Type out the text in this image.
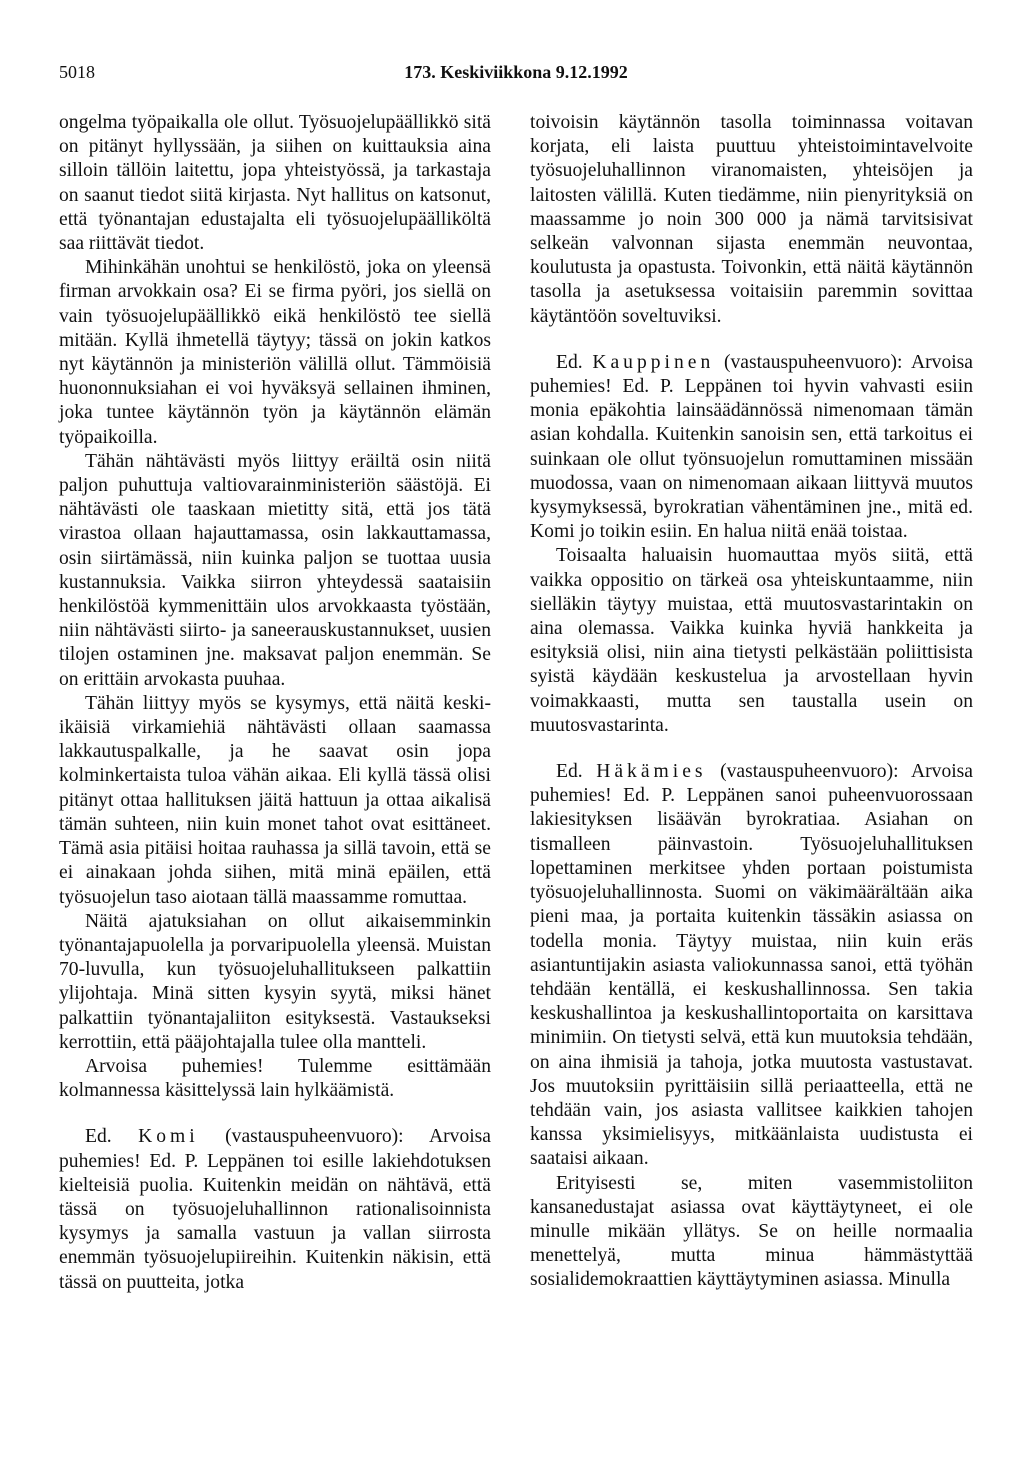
5018	173. Keskiviikkona 9.12.1992

ongelma työpaikalla ole ollut. Työsuojelupäällikkö sitä on pitänyt hyllyssään, ja siihen on kuittauksia aina silloin tällöin laitettu, jopa yhteistyössä, ja tarkastaja on saanut tiedot siitä kirjasta. Nyt hallitus on katsonut, että työnantajan edustajalta eli työsuojelupäälliköltä saa riittävät tiedot.

Mihinkähän unohtui se henkilöstö, joka on yleensä firman arvokkain osa? Ei se firma pyöri, jos siellä on vain työsuojelupäällikkö eikä henkilöstö tee siellä mitään. Kyllä ihmetellä täytyy; tässä on jokin katkos nyt käytännön ja ministeriön välillä ollut. Tämmöisiä huononnuksiahan ei voi hyväksyä sellainen ihminen, joka tuntee käytännön työn ja käytännön elämän työpaikoilla.

Tähän nähtävästi myös liittyy eräiltä osin niitä paljon puhuttuja valtiovarainministeriön säästöjä. Ei nähtävästi ole taaskaan mietitty sitä, että jos tätä virastoa ollaan hajauttamassa, osin lakkauttamassa, osin siirtämässä, niin kuinka paljon se tuottaa uusia kustannuksia. Vaikka siirron yhteydessä saataisiin henkilöstöä kymmenittäin ulos arvokkaasta työstään, niin nähtävästi siirto- ja saneerauskustannukset, uusien tilojen ostaminen jne. maksavat paljon enemmän. Se on erittäin arvokasta puuhaa.

Tähän liittyy myös se kysymys, että näitä keski-ikäisiä virkamiehiä nähtävästi ollaan saamassa lakkautuspalkalle, ja he saavat osin jopa kolminkertaista tuloa vähän aikaa. Eli kyllä tässä olisi pitänyt ottaa hallituksen jäitä hattuun ja ottaa aikalisä tämän suhteen, niin kuin monet tahot ovat esittäneet. Tämä asia pitäisi hoitaa rauhassa ja sillä tavoin, että se ei ainakaan johda siihen, mitä minä epäilen, että työsuojelun taso aiotaan tällä maassamme romuttaa.

Näitä ajatuksiahan on ollut aikaisemminkin työnantajapuolella ja porvaripuolella yleensä. Muistan 70-luvulla, kun työsuojeluhallitukseen palkattiin ylijohtaja. Minä sitten kysyin syytä, miksi hänet palkattiin työnantajaliiton esityksestä. Vastaukseksi kerrottiin, että pääjohtajalla tulee olla mantteli.

Arvoisa puhemies! Tulemme esittämään kolmannessa käsittelyssä lain hylkäämistä.

Ed. Komi (vastauspuheenvuoro): Arvoisa puhemies! Ed. P. Leppänen toi esille lakiehdotuksen kielteisiä puolia. Kuitenkin meidän on nähtävä, että tässä on työsuojeluhallinnon rationalisoinnista kysymys ja samalla vastuun ja vallan siirrosta enemmän työsuojelupiireihin. Kuitenkin näkisin, että tässä on puutteita, jotka

toivoisin käytännön tasolla toiminnassa voitavan korjata, eli laista puuttuu yhteistoimintavelvoite työsuojeluhallinnon viranomaisten, yhteisöjen ja laitosten välillä. Kuten tiedämme, niin pienyrityksiä on maassamme jo noin 300 000 ja nämä tarvitsisivat selkeän valvonnan sijasta enemmän neuvontaa, koulutusta ja opastusta. Toivonkin, että näitä käytännön tasolla ja asetuksessa voitaisiin paremmin sovittaa käytäntöön soveltuviksi.

Ed. Kauppinen (vastauspuheenvuoro): Arvoisa puhemies! Ed. P. Leppänen toi hyvin vahvasti esiin monia epäkohtia lainsäädännössä nimenomaan tämän asian kohdalla. Kuitenkin sanoisin sen, että tarkoitus ei suinkaan ole ollut työnsuojelun romuttaminen missään muodossa, vaan on nimenomaan aikaan liittyvä muutos kysymyksessä, byrokratian vähentäminen jne., mitä ed. Komi jo toikin esiin. En halua niitä enää toistaa.

Toisaalta haluaisin huomauttaa myös siitä, että vaikka oppositio on tärkeä osa yhteiskuntaamme, niin sielläkin täytyy muistaa, että muutosvastarintakin on aina olemassa. Vaikka kuinka hyviä hankkeita ja esityksiä olisi, niin aina tietysti pelkästään poliittisista syistä käydään keskustelua ja arvostellaan hyvin voimakkaasti, mutta sen taustalla usein on muutosvastarinta.

Ed. Häkämies (vastauspuheenvuoro): Arvoisa puhemies! Ed. P. Leppänen sanoi puheenvuorossaan lakiesityksen lisäävän byrokratiaa. Asiahan on tismalleen päinvastoin. Työsuojeluhallituksen lopettaminen merkitsee yhden portaan poistumista työsuojeluhallinnosta. Suomi on väkimäärältään aika pieni maa, ja portaita kuitenkin tässäkin asiassa on todella monia. Täytyy muistaa, niin kuin eräs asiantuntijakin asiasta valiokunnassa sanoi, että työhän tehdään kentällä, ei keskushallinnossa. Sen takia keskushallintoa ja keskushallintoportaita on karsittava minimiin. On tietysti selvä, että kun muutoksia tehdään, on aina ihmisiä ja tahoja, jotka muutosta vastustavat. Jos muutoksiin pyrittäisiin sillä periaatteella, että ne tehdään vain, jos asiasta vallitsee kaikkien tahojen kanssa yksimielisyys, mitkäänlaista uudistusta ei saataisi aikaan.

Erityisesti se, miten vasemmistoliiton kansanedustajat asiassa ovat käyttäytyneet, ei ole minulle mikään yllätys. Se on heille normaalia menettelyä, mutta minua hämmästyttää sosialidemokraattien käyttäytyminen asiassa. Minulla
